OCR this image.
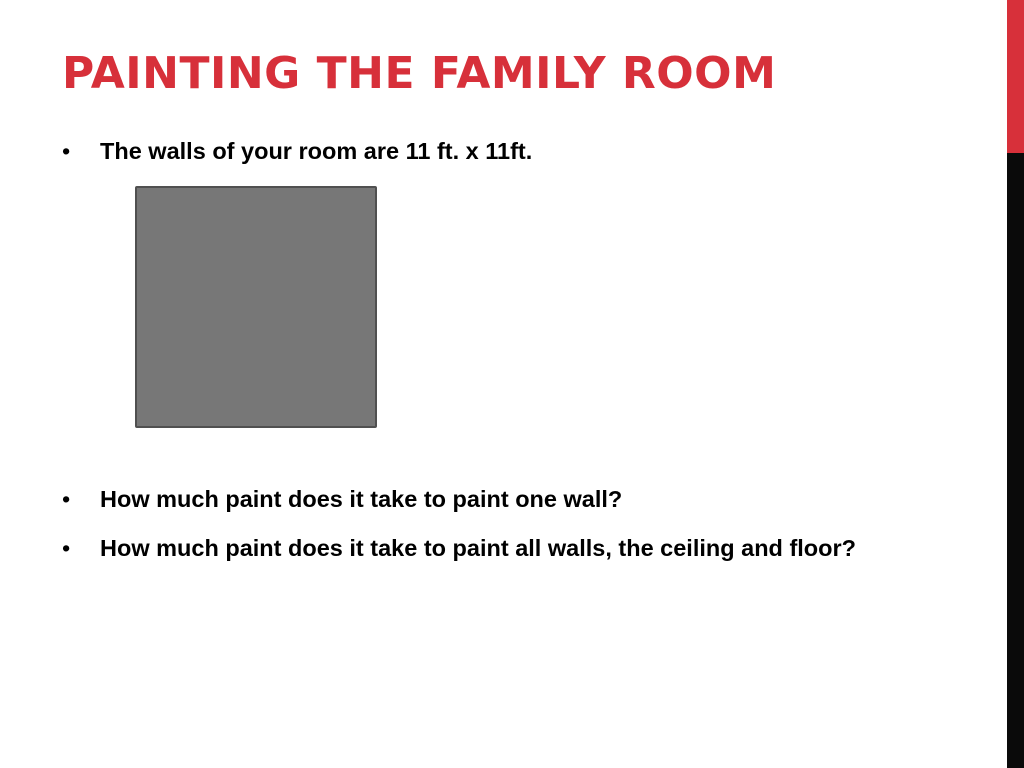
PAINTING THE FAMILY ROOM
•	The walls of your room are 11 ft. x 11ft.
•	How much paint does it take to paint one wall?
•	How much paint does it take to paint all walls, the ceiling and floor?
